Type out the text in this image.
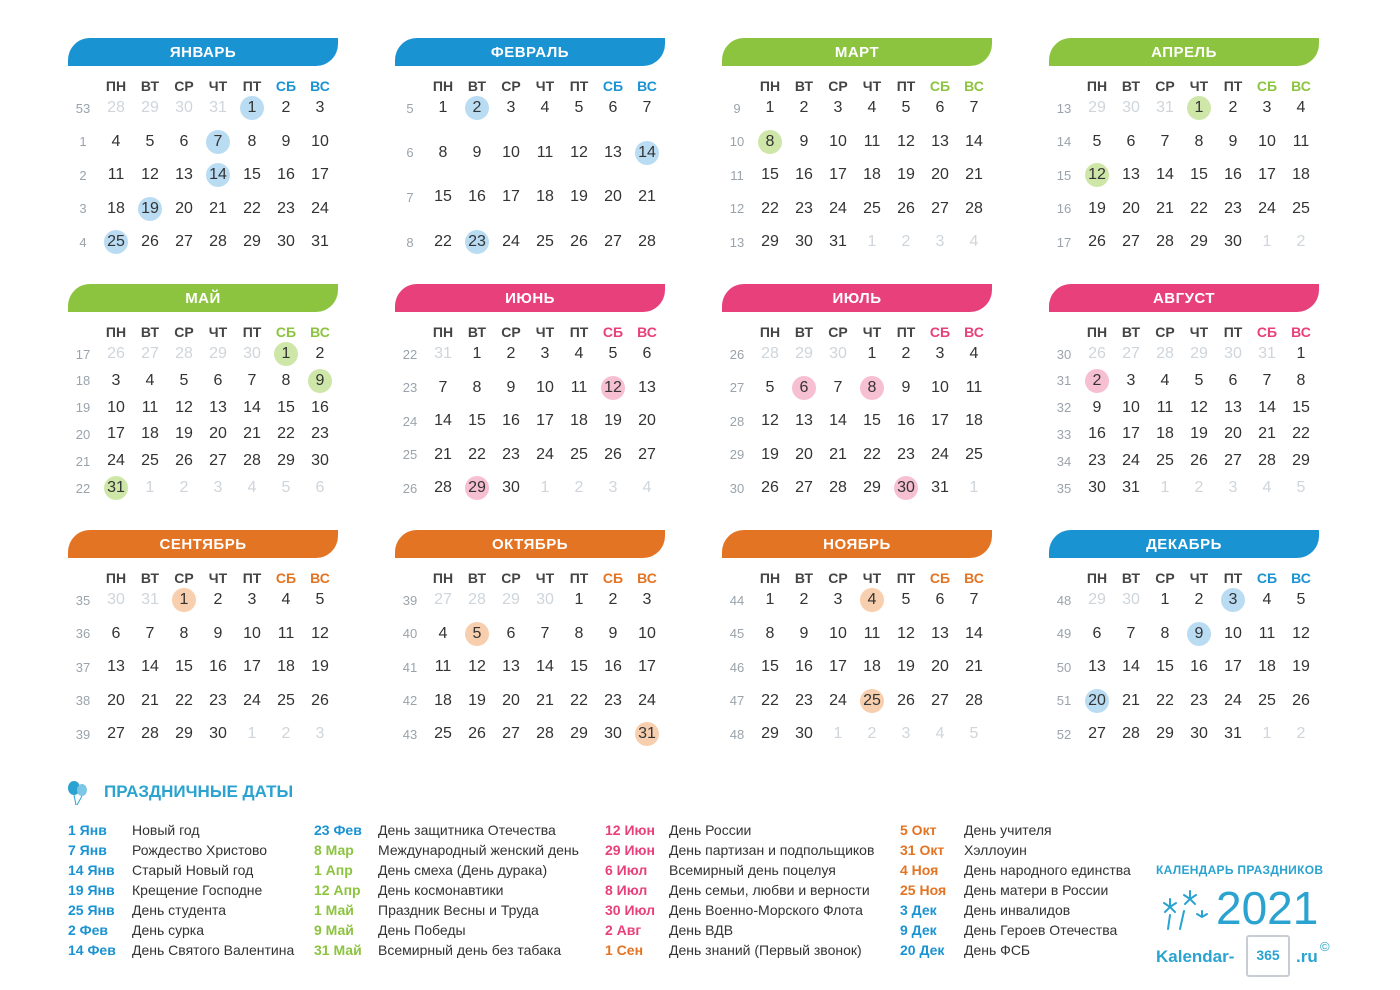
ЯНВАРЬ
ПН	ВТ	СР	ЧТ	ПТ	СБ	ВС
53	28 29 30 31 1 2 3
1	4 5 6 7 8 9 10
2	11 12 13 14 15 16 17
3	18 19 20 21 22 23 24
4	25 26 27 28 29 30 31
ФЕВРАЛЬ
ПН	ВТ	СР	ЧТ	ПТ	СБ	ВС
5	1 2 3 4 5 6 7
6	8 9 10 11 12 13 14
7	15 16 17 18 19 20 21
8	22 23 24 25 26 27 28
МАРТ
ПН	ВТ	СР	ЧТ	ПТ	СБ	ВС
9	1 2 3 4 5 6 7
10	8 9 10 11 12 13 14
11	15 16 17 18 19 20 21
12	22 23 24 25 26 27 28
13	29 30 31 1 2 3 4
АПРЕЛЬ
ПН	ВТ	СР	ЧТ	ПТ	СБ	ВС
13	29 30 31 1 2 3 4
14	5 6 7 8 9 10 11
15	12 13 14 15 16 17 18
16	19 20 21 22 23 24 25
17	26 27 28 29 30 1 2
МАЙ
ПН	ВТ	СР	ЧТ	ПТ	СБ	ВС
17	26 27 28 29 30 1 2
18	3 4 5 6 7 8 9
19	10 11 12 13 14 15 16
20	17 18 19 20 21 22 23
21	24 25 26 27 28 29 30
22	31 1 2 3 4 5 6
ИЮНЬ
ПН	ВТ	СР	ЧТ	ПТ	СБ	ВС
22	31 1 2 3 4 5 6
23	7 8 9 10 11 12 13
24	14 15 16 17 18 19 20
25	21 22 23 24 25 26 27
26	28 29 30 1 2 3 4
ИЮЛЬ
ПН	ВТ	СР	ЧТ	ПТ	СБ	ВС
26	28 29 30 1 2 3 4
27	5 6 7 8 9 10 11
28	12 13 14 15 16 17 18
29	19 20 21 22 23 24 25
30	26 27 28 29 30 31 1
АВГУСТ
ПН	ВТ	СР	ЧТ	ПТ	СБ	ВС
30	26 27 28 29 30 31 1
31	2 3 4 5 6 7 8
32	9 10 11 12 13 14 15
33	16 17 18 19 20 21 22
34	23 24 25 26 27 28 29
35	30 31 1 2 3 4 5
СЕНТЯБРЬ
ПН	ВТ	СР	ЧТ	ПТ	СБ	ВС
35	30 31 1 2 3 4 5
36	6 7 8 9 10 11 12
37	13 14 15 16 17 18 19
38	20 21 22 23 24 25 26
39	27 28 29 30 1 2 3
ОКТЯБРЬ
ПН	ВТ	СР	ЧТ	ПТ	СБ	ВС
39	27 28 29 30 1 2 3
40	4 5 6 7 8 9 10
41	11 12 13 14 15 16 17
42	18 19 20 21 22 23 24
43	25 26 27 28 29 30 31
НОЯБРЬ
ПН	ВТ	СР	ЧТ	ПТ	СБ	ВС
44	1 2 3 4 5 6 7
45	8 9 10 11 12 13 14
46	15 16 17 18 19 20 21
47	22 23 24 25 26 27 28
48	29 30 1 2 3 4 5
ДЕКАБРЬ
ПН	ВТ	СР	ЧТ	ПТ	СБ	ВС
48	29 30 1 2 3 4 5
49	6 7 8 9 10 11 12
50	13 14 15 16 17 18 19
51	20 21 22 23 24 25 26
52	27 28 29 30 31 1 2
ПРАЗДНИЧНЫЕ ДАТЫ
1 Янв Новый год
7 Янв Рождество Христово
14 Янв Старый Новый год
19 Янв Крещение Господне
25 Янв День студента
2 Фев День сурка
14 Фев День Святого Валентина
23 Фев День защитника Отечества
8 Мар Международный женский день
1 Апр День смеха (День дурака)
12 Апр День космонавтики
1 Май Праздник Весны и Труда
9 Май День Победы
31 Май Всемирный день без табака
12 Июн День России
29 Июн День партизан и подпольщиков
6 Июл Всемирный день поцелуя
8 Июл День семьи, любви и верности
30 Июл День Военно-Морского Флота
2 Авг День ВДВ
1 Сен День знаний (Первый звонок)
5 Окт День учителя
31 Окт Хэллоуин
4 Ноя День народного единства
25 Ноя День матери в России
3 Дек День инвалидов
9 Дек День Героев Отечества
20 Дек День ФСБ
КАЛЕНДАРЬ ПРАЗДНИКОВ
2021
Kalendar-	365 .ru
©
